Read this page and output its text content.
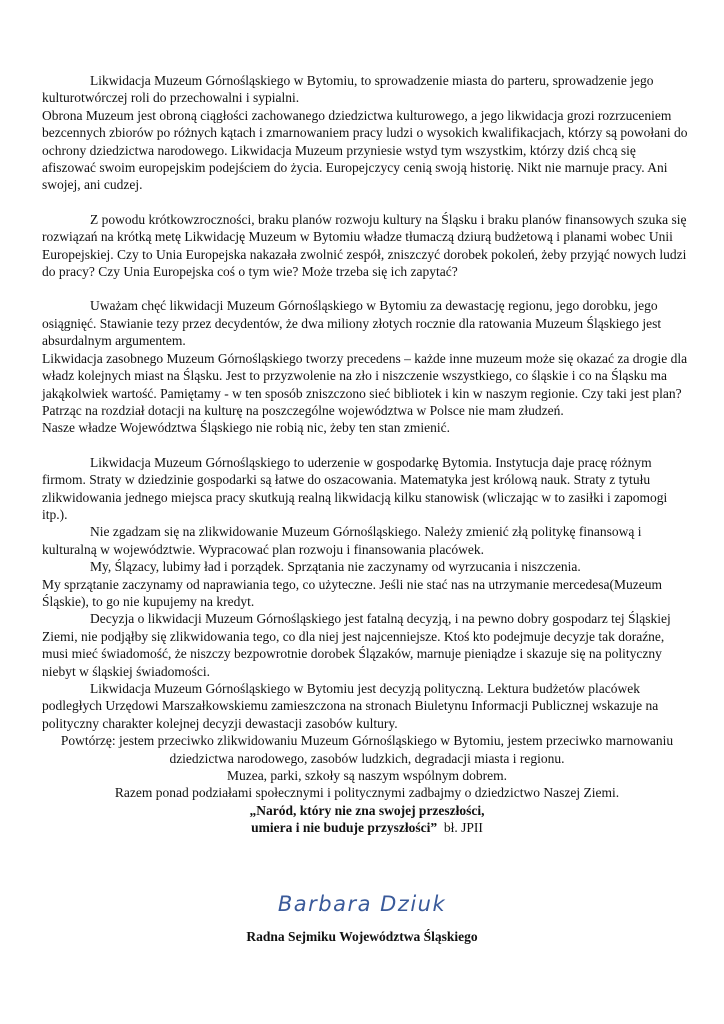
Likwidacja Muzeum Górnośląskiego w Bytomiu, to sprowadzenie miasta do parteru, sprowadzenie jego kulturotwórczej roli do przechowalni i sypialni.

Obrona Muzeum jest obroną ciągłości zachowanego dziedzictwa kulturowego, a jego likwidacja grozi rozrzuceniem bezcennych zbiorów po różnych kątach i zmarnowaniem pracy ludzi o wysokich kwalifikacjach, którzy są powołani do ochrony dziedzictwa narodowego. Likwidacja Muzeum przyniesie wstyd tym wszystkim, którzy dziś chcą się afiszować swoim europejskim podejściem do życia. Europejczycy cenią swoją historię. Nikt nie marnuje pracy. Ani swojej, ani cudzej.

Z powodu krótkowzroczności, braku planów rozwoju kultury na Śląsku i braku planów finansowych szuka się rozwiązań na krótką metę Likwidację Muzeum w Bytomiu władze tłumaczą dziurą budżetową i planami wobec Unii Europejskiej. Czy to Unia Europejska nakazała zwolnić zespół, zniszczyć dorobek pokoleń, żeby przyjąć nowych ludzi do pracy? Czy Unia Europejska coś o tym wie? Może trzeba się ich zapytać?

Uważam chęć likwidacji Muzeum Górnośląskiego w Bytomiu za dewastację regionu, jego dorobku, jego osiągnięć. Stawianie tezy przez decydentów, że dwa miliony złotych rocznie dla ratowania Muzeum Śląskiego jest absurdalnym argumentem.

Likwidacja zasobnego Muzeum Górnośląskiego tworzy precedens – każde inne muzeum może się okazać za drogie dla władz kolejnych miast na Śląsku. Jest to przyzwolenie na zło i niszczenie wszystkiego, co śląskie i co na Śląsku ma jakąkolwiek wartość. Pamiętamy - w ten sposób zniszczono sieć bibliotek i kin w naszym regionie. Czy taki jest plan? Patrząc na rozdział dotacji na kulturę na poszczególne województwa w Polsce nie mam złudzeń.

Nasze władze Województwa Śląskiego nie robią nic, żeby ten stan zmienić.

Likwidacja Muzeum Górnośląskiego to uderzenie w gospodarkę Bytomia. Instytucja daje pracę różnym firmom. Straty w dziedzinie gospodarki są łatwe do oszacowania. Matematyka jest królową nauk. Straty z tytułu zlikwidowania jednego miejsca pracy skutkują realną likwidacją kilku stanowisk (wliczając w to zasiłki i zapomogi itp.).

Nie zgadzam się na zlikwidowanie Muzeum Górnośląskiego. Należy zmienić złą politykę finansową i kulturalną w województwie. Wypracować plan rozwoju i finansowania placówek.

My, Ślązacy, lubimy ład i porządek. Sprzątania nie zaczynamy od wyrzucania i niszczenia.

My sprzątanie zaczynamy od naprawiania tego, co użyteczne. Jeśli nie stać nas na utrzymanie mercedesa(Muzeum Śląskie), to go nie kupujemy na kredyt.

Decyzja o likwidacji Muzeum Górnośląskiego jest fatalną decyzją, i na pewno dobry gospodarz tej Śląskiej Ziemi, nie podjąłby się zlikwidowania tego, co dla niej jest najcenniejsze. Ktoś kto podejmuje decyzje tak doraźne, musi mieć świadomość, że niszczy bezpowrotnie dorobek Ślązaków, marnuje pieniądze i skazuje się na polityczny niebyt w śląskiej świadomości.

Likwidacja Muzeum Górnośląskiego w Bytomiu jest decyzją polityczną. Lektura budżetów placówek podległych Urzędowi Marszałkowskiemu zamieszczona na stronach Biuletynu Informacji Publicznej wskazuje na polityczny charakter kolejnej decyzji dewastacji zasobów kultury.

Powtórzę: jestem przeciwko zlikwidowaniu Muzeum Górnośląskiego w Bytomiu, jestem przeciwko marnowaniu dziedzictwa narodowego, zasobów ludzkich, degradacji miasta i regionu.

Muzea, parki, szkoły są naszym wspólnym dobrem.

Razem ponad podziałami społecznymi i politycznymi zadbajmy o dziedzictwo Naszej Ziemi.

„Naród, który nie zna swojej przeszłości,

umiera i nie buduje przyszłości” bł. JPII

Barbara Dziuk
Radna Sejmiku Województwa Śląskiego
